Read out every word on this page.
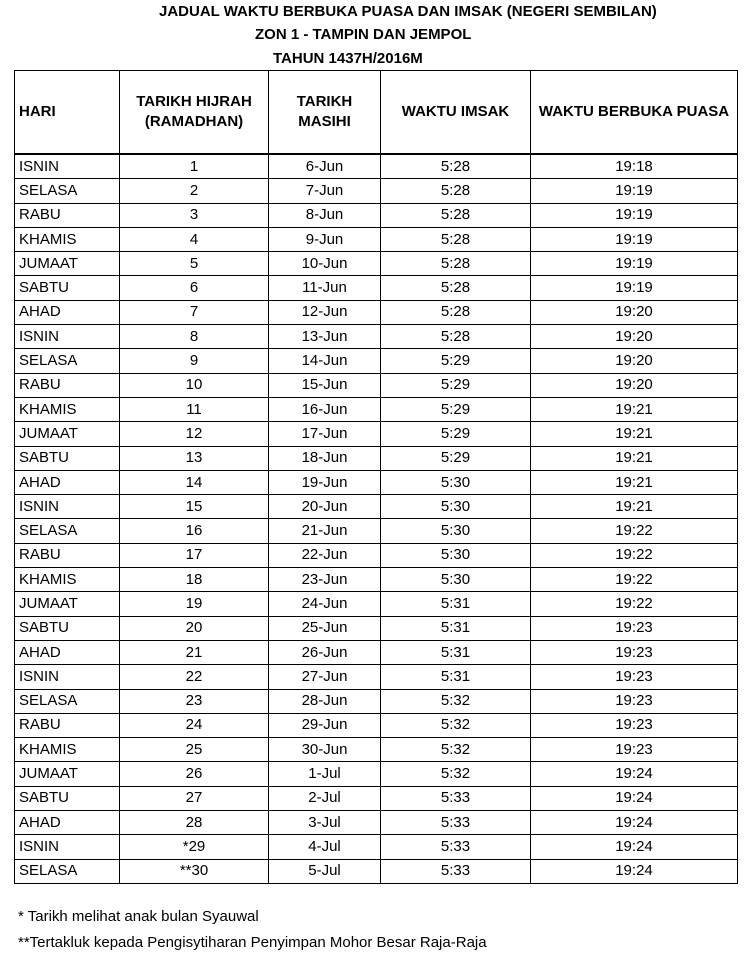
JADUAL WAKTU BERBUKA PUASA DAN IMSAK (NEGERI SEMBILAN)
ZON 1 - TAMPIN DAN JEMPOL
TAHUN 1437H/2016M
HARI	TARIKH HIJRAH (RAMADHAN)	TARIKH MASIHI	WAKTU IMSAK	WAKTU BERBUKA PUASA
ISNIN	1	6-Jun	5:28	19:18
SELASA	2	7-Jun	5:28	19:19
RABU	3	8-Jun	5:28	19:19
KHAMIS	4	9-Jun	5:28	19:19
JUMAAT	5	10-Jun	5:28	19:19
SABTU	6	11-Jun	5:28	19:19
AHAD	7	12-Jun	5:28	19:20
ISNIN	8	13-Jun	5:28	19:20
SELASA	9	14-Jun	5:29	19:20
RABU	10	15-Jun	5:29	19:20
KHAMIS	11	16-Jun	5:29	19:21
JUMAAT	12	17-Jun	5:29	19:21
SABTU	13	18-Jun	5:29	19:21
AHAD	14	19-Jun	5:30	19:21
ISNIN	15	20-Jun	5:30	19:21
SELASA	16	21-Jun	5:30	19:22
RABU	17	22-Jun	5:30	19:22
KHAMIS	18	23-Jun	5:30	19:22
JUMAAT	19	24-Jun	5:31	19:22
SABTU	20	25-Jun	5:31	19:23
AHAD	21	26-Jun	5:31	19:23
ISNIN	22	27-Jun	5:31	19:23
SELASA	23	28-Jun	5:32	19:23
RABU	24	29-Jun	5:32	19:23
KHAMIS	25	30-Jun	5:32	19:23
JUMAAT	26	1-Jul	5:32	19:24
SABTU	27	2-Jul	5:33	19:24
AHAD	28	3-Jul	5:33	19:24
ISNIN	*29	4-Jul	5:33	19:24
SELASA	**30	5-Jul	5:33	19:24
* Tarikh melihat anak bulan Syauwal
**Tertakluk kepada Pengisytiharan Penyimpan Mohor Besar Raja-Raja
